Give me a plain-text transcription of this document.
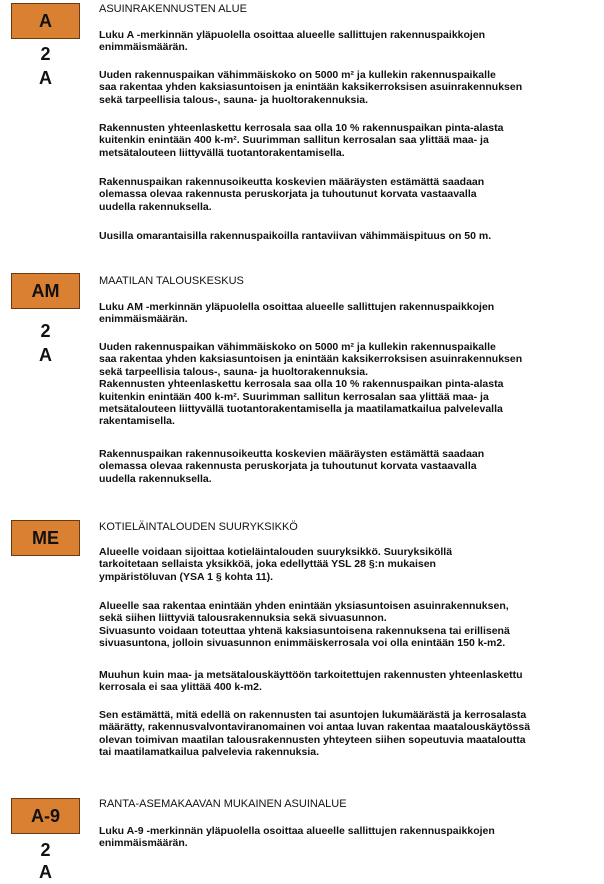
A
2
A
ASUINRAKENNUSTEN ALUE
Luku A -merkinnän yläpuolella osoittaa alueelle sallittujen rakennuspaikkojen
enimmäismäärän.
Uuden rakennuspaikan vähimmäiskoko on 5000 m² ja kullekin rakennuspaikalle
saa rakentaa yhden kaksiasuntoisen ja enintään kaksikerroksisen asuinrakennuksen
sekä tarpeellisia talous-, sauna- ja huoltorakennuksia.
Rakennusten yhteenlaskettu kerrosala saa olla 10 % rakennuspaikan pinta-alasta
kuitenkin enintään 400 k-m². Suurimman sallitun kerrosalan saa ylittää maa- ja
metsätalouteen liittyvällä tuotantorakentamisella.
Rakennuspaikan rakennusoikeutta koskevien määräysten estämättä saadaan
olemassa olevaa rakennusta peruskorjata ja tuhoutunut korvata vastaavalla
uudella rakennuksella.
Uusilla omarantaisilla rakennuspaikoilla rantaviivan vähimmäispituus on 50 m.
AM
2
A
MAATILAN TALOUSKESKUS
Luku AM -merkinnän yläpuolella osoittaa alueelle sallittujen rakennuspaikkojen
enimmäismäärän.
Uuden rakennuspaikan vähimmäiskoko on 5000 m² ja kullekin rakennuspaikalle
saa rakentaa yhden kaksiasuntoisen ja enintään kaksikerroksisen asuinrakennuksen
sekä tarpeellisia talous-, sauna- ja huoltorakennuksia.
Rakennusten yhteenlaskettu kerrosala saa olla 10 % rakennuspaikan pinta-alasta
kuitenkin enintään 400 k-m². Suurimman sallitun kerrosalan saa ylittää maa- ja
metsätalouteen liittyvällä tuotantorakentamisella ja maatilamatkailua palvelevalla
rakentamisella.
Rakennuspaikan rakennusoikeutta koskevien määräysten estämättä saadaan
olemassa olevaa rakennusta peruskorjata ja tuhoutunut korvata vastaavalla
uudella rakennuksella.
ME
KOTIELÄINTALOUDEN SUURYKSIKKÖ
Alueelle voidaan sijoittaa kotieläintalouden suuryksikkö. Suuryksiköllä
tarkoitetaan sellaista yksikköä, joka edellyttää YSL 28 §:n mukaisen
ympäristöluvan (YSA 1 § kohta 11).
Alueelle saa rakentaa enintään yhden enintään yksiasuntoisen asuinrakennuksen,
sekä siihen liittyviä talousrakennuksia sekä sivuasunnon.
Sivuasunto voidaan toteuttaa yhtenä kaksiasuntoisena rakennuksena tai erillisenä
sivuasuntona, jolloin sivuasunnon enimmäiskerrosala voi olla enintään 150 k-m2.
Muuhun kuin maa- ja metsätalouskäyttöön tarkoitettujen rakennusten yhteenlaskettu
kerrosala ei saa ylittää 400 k-m2.
Sen estämättä, mitä edellä on rakennusten tai asuntojen lukumäärästä ja kerrosalasta
määrätty, rakennusvalvontaviranomainen voi antaa luvan rakentaa maatalouskäytössä
olevan toimivan maatilan talousrakennusten yhteyteen siihen sopeutuvia maataloutta
tai maatilamatkailua palvelevia rakennuksia.
A-9
2
A
RANTA-ASEMAKAAVAN MUKAINEN ASUINALUE
Luku A-9 -merkinnän yläpuolella osoittaa alueelle sallittujen rakennuspaikkojen
enimmäismäärän.
